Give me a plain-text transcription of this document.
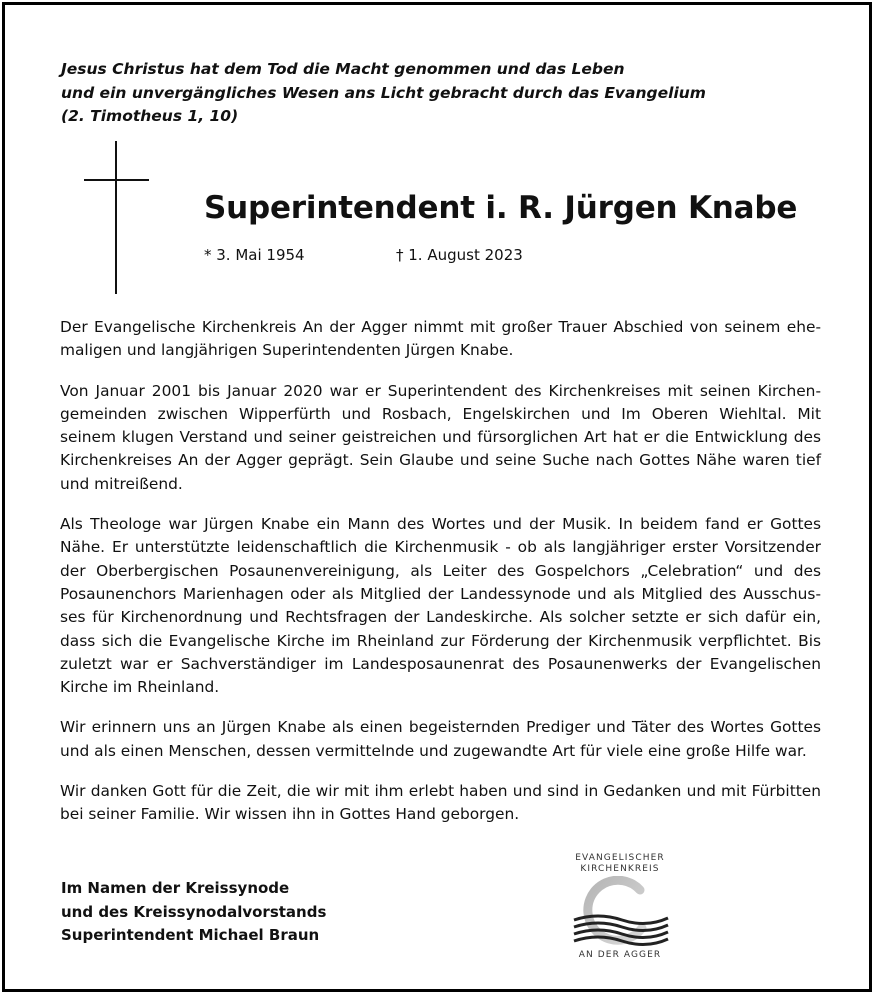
Jesus Christus hat dem Tod die Macht genommen und das Leben
und ein unvergängliches Wesen ans Licht gebracht durch das Evangelium
(2. Timotheus 1, 10)
Superintendent i. R. Jürgen Knabe
* 3. Mai 1954	† 1. August 2023

Der Evangelische Kirchenkreis An der Agger nimmt mit großer Trauer Abschied von seinem ehemaligen und langjährigen Superintendenten Jürgen Knabe.

Von Januar 2001 bis Januar 2020 war er Superintendent des Kirchenkreises mit seinen Kirchengemeinden zwischen Wipperfürth und Rosbach, Engelskirchen und Im Oberen Wiehltal. Mit seinem klugen Verstand und seiner geistreichen und fürsorglichen Art hat er die Entwicklung des Kirchenkreises An der Agger geprägt. Sein Glaube und seine Suche nach Gottes Nähe waren tief und mitreißend.

Als Theologe war Jürgen Knabe ein Mann des Wortes und der Musik. In beidem fand er Gottes Nähe. Er unterstützte leidenschaftlich die Kirchenmusik - ob als langjähriger erster Vorsitzender der Oberbergischen Posaunenvereinigung, als Leiter des Gospelchors „Celebration“ und des Posaunenchors Marienhagen oder als Mitglied der Landessynode und als Mitglied des Ausschusses für Kirchenordnung und Rechtsfragen der Landeskirche. Als solcher setzte er sich dafür ein, dass sich die Evangelische Kirche im Rheinland zur Förderung der Kirchenmusik verpflichtet. Bis zuletzt war er Sachverständiger im Landesposaunenrat des Posaunenwerks der Evangelischen Kirche im Rheinland.

Wir erinnern uns an Jürgen Knabe als einen begeisternden Prediger und Täter des Wortes Gottes und als einen Menschen, dessen vermittelnde und zugewandte Art für viele eine große Hilfe war.

Wir danken Gott für die Zeit, die wir mit ihm erlebt haben und sind in Gedanken und mit Fürbitten bei seiner Familie. Wir wissen ihn in Gottes Hand geborgen.

Im Namen der Kreissynode
und des Kreissynodalvorstands
Superintendent Michael Braun
EVANGELISCHER
KIRCHENKREIS
AN DER AGGER
